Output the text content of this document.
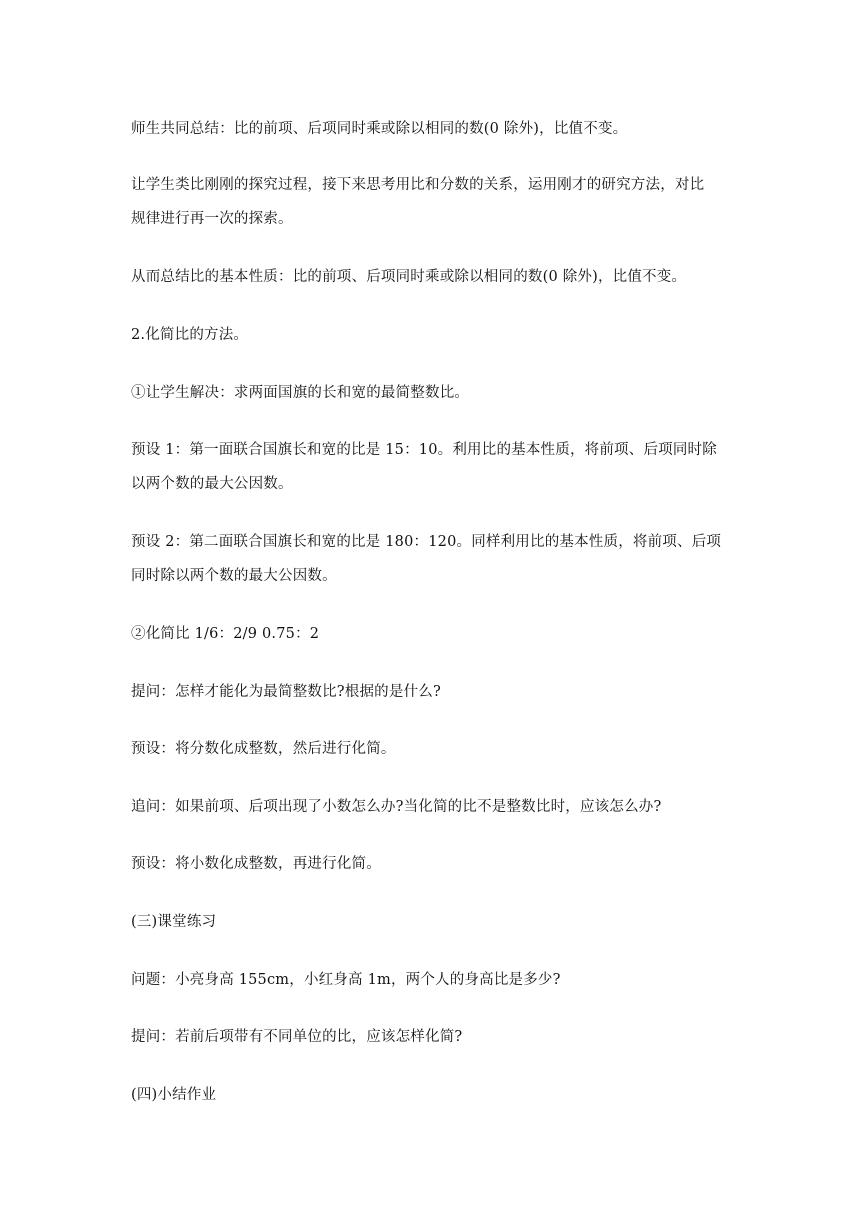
师生共同总结：比的前项、后项同时乘或除以相同的数(0 除外)，比值不变。
让学生类比刚刚的探究过程，接下来思考用比和分数的关系，运用刚才的研究方法，对比
规律进行再一次的探索。
从而总结比的基本性质：比的前项、后项同时乘或除以相同的数(0 除外)，比值不变。
2.化简比的方法。
①让学生解决：求两面国旗的长和宽的最简整数比。
预设 1：第一面联合国旗长和宽的比是 15：10。利用比的基本性质，将前项、后项同时除
以两个数的最大公因数。
预设 2：第二面联合国旗长和宽的比是 180：120。同样利用比的基本性质，将前项、后项
同时除以两个数的最大公因数。
②化简比 1/6：2/9 0.75：2
提问：怎样才能化为最简整数比?根据的是什么?
预设：将分数化成整数，然后进行化简。
追问：如果前项、后项出现了小数怎么办?当化简的比不是整数比时，应该怎么办?
预设：将小数化成整数，再进行化简。
(三)课堂练习
问题：小亮身高 155cm，小红身高 1m，两个人的身高比是多少?
提问：若前后项带有不同单位的比，应该怎样化简?
(四)小结作业
